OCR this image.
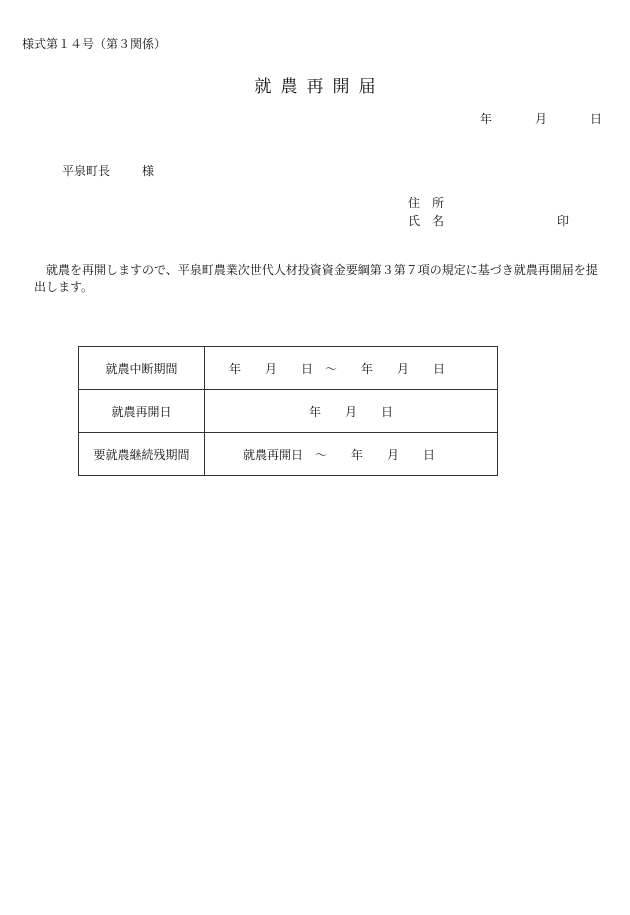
様式第１４号（第３関係）
就農再開届
年	月	日
平泉町長	様
住　所
氏　名	印
就農を再開しますので、平泉町農業次世代人材投資資金要綱第３第７項の規定に基づき就農再開届を提出します。
就農中断期間	年　　月　　日　～　　年　　月　　日
就農再開日	年　　月　　日
要就農継続残期間	就農再開日　～　　年　　月　　日
